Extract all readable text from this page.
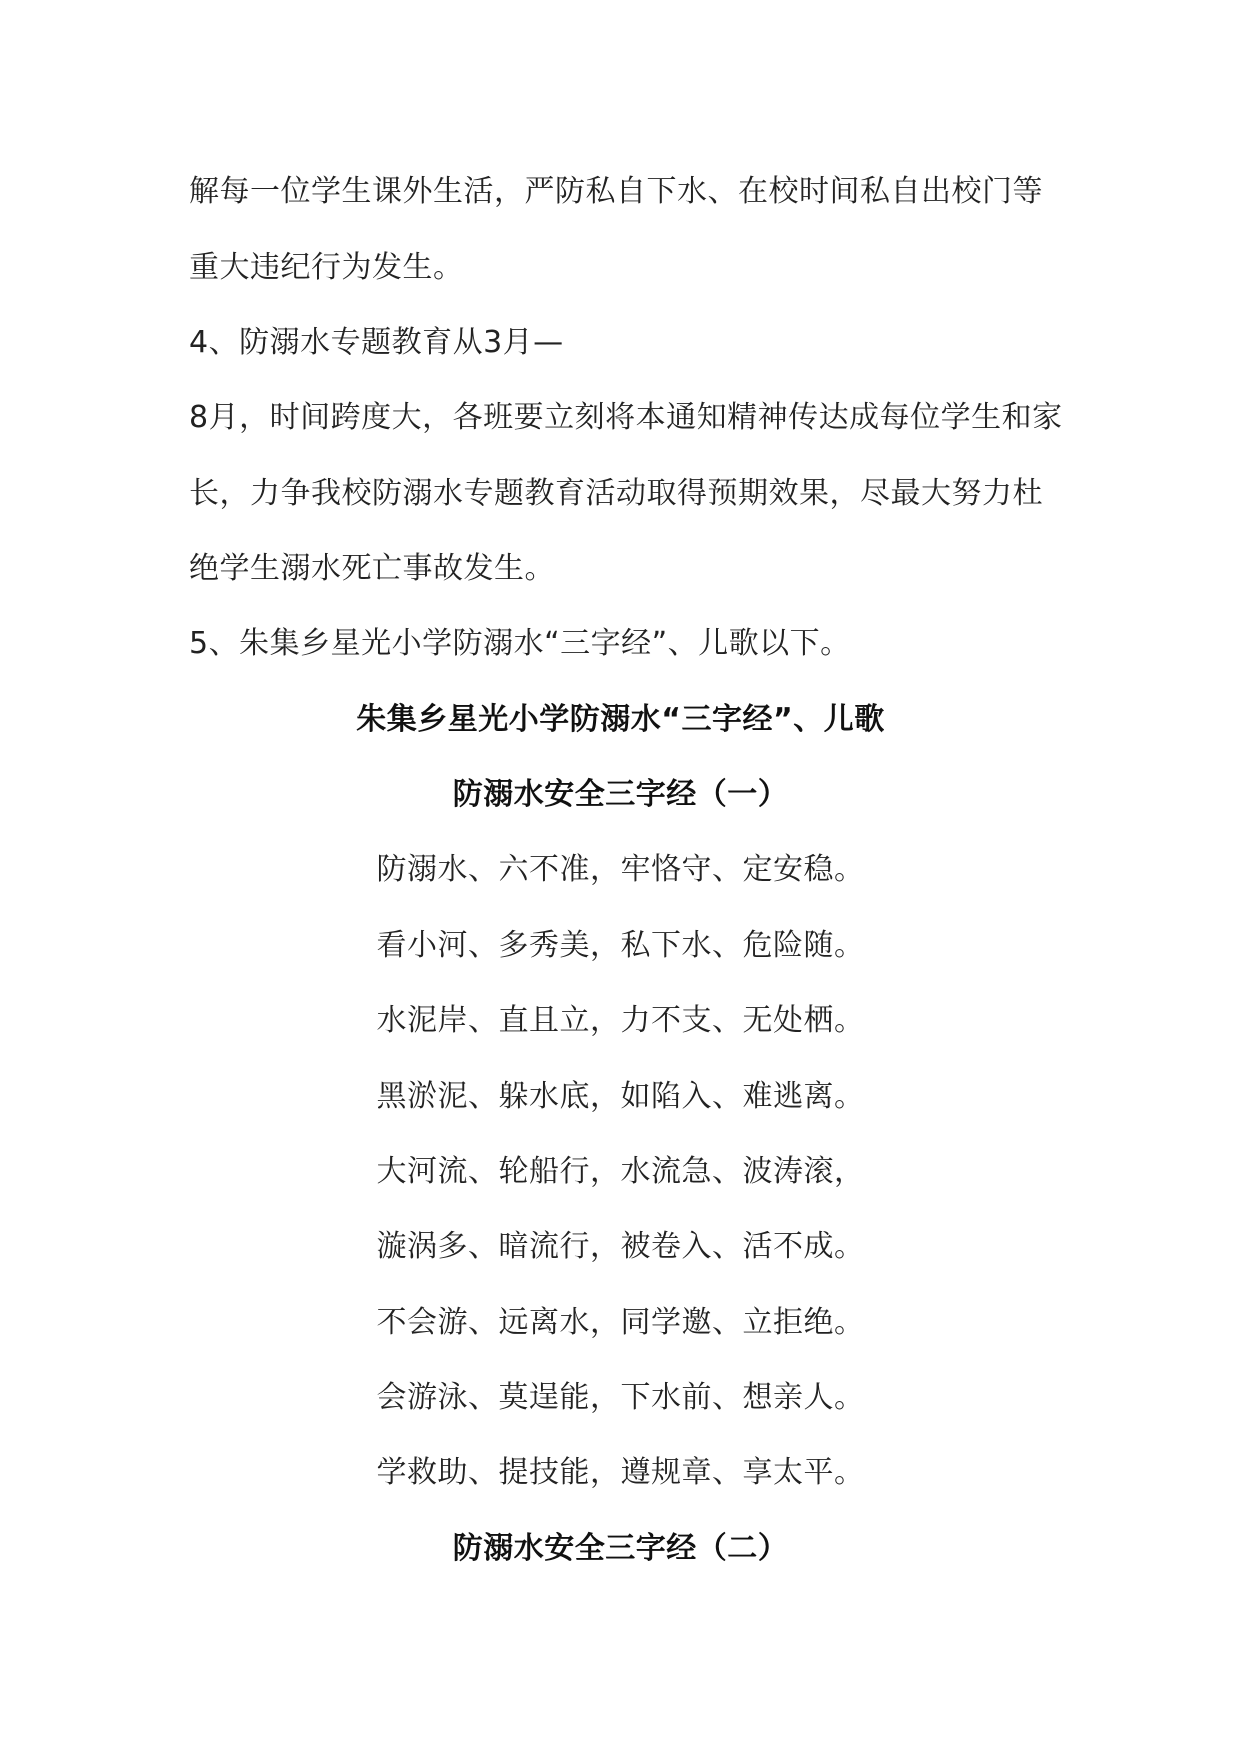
解每一位学生课外生活，严防私自下水、在校时间私自出校门等
重大违纪行为发生。
4、防溺水专题教育从3月—
8月，时间跨度大，各班要立刻将本通知精神传达成每位学生和家
长，力争我校防溺水专题教育活动取得预期效果，尽最大努力杜
绝学生溺水死亡事故发生。
5、朱集乡星光小学防溺水“三字经”、儿歌以下。
朱集乡星光小学防溺水“三字经”、儿歌
防溺水安全三字经（一）
防溺水、六不准，牢恪守、定安稳。
看小河、多秀美，私下水、危险随。
水泥岸、直且立，力不支、无处栖。
黑淤泥、躲水底，如陷入、难逃离。
大河流、轮船行，水流急、波涛滚，
漩涡多、暗流行，被卷入、活不成。
不会游、远离水，同学邀、立拒绝。
会游泳、莫逞能，下水前、想亲人。
学救助、提技能，遵规章、享太平。
防溺水安全三字经（二）
